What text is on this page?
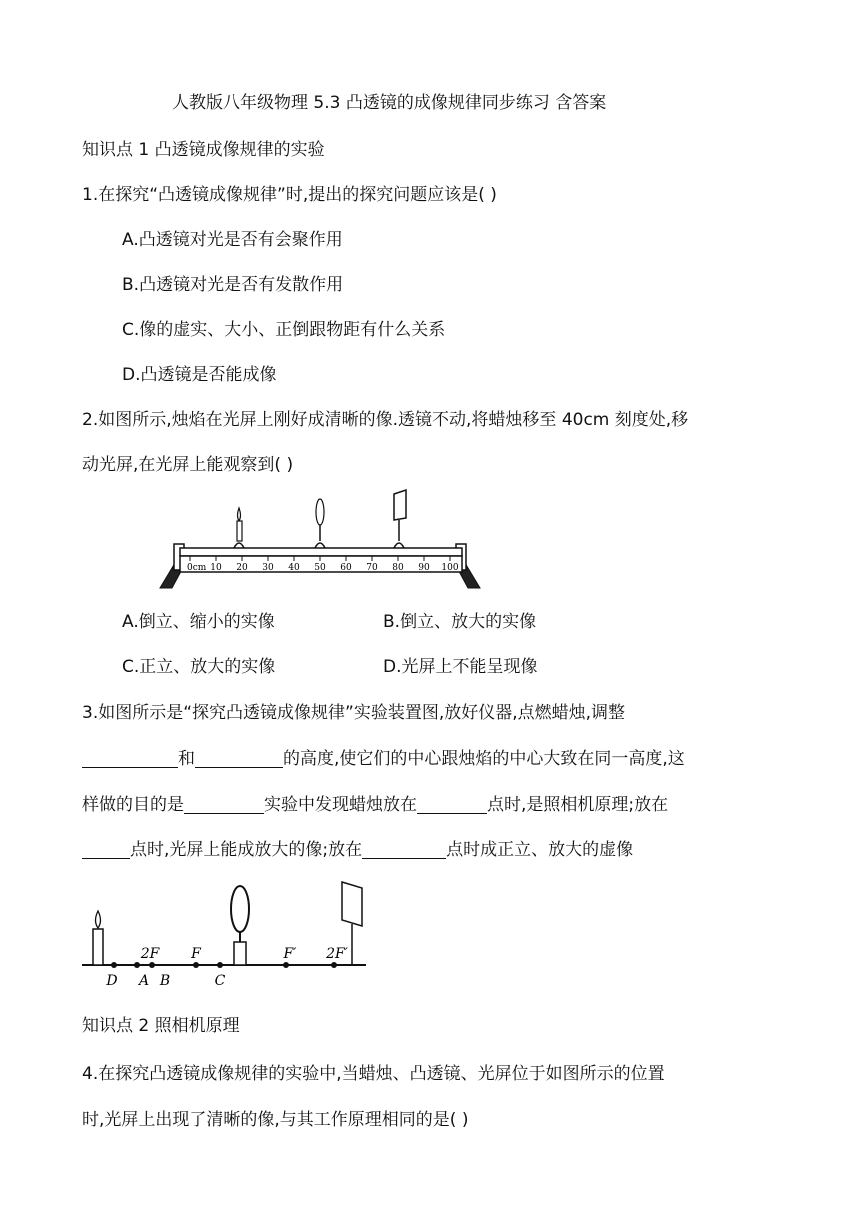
人教版八年级物理 5.3 凸透镜的成像规律同步练习 含答案
知识点 1 凸透镜成像规律的实验
1.在探究“凸透镜成像规律”时,提出的探究问题应该是( )
A.凸透镜对光是否有会聚作用
B.凸透镜对光是否有发散作用
C.像的虚实、大小、正倒跟物距有什么关系
D.凸透镜是否能成像
2.如图所示,烛焰在光屏上刚好成清晰的像.透镜不动,将蜡烛移至 40cm 刻度处,移
动光屏,在光屏上能观察到( )
0cm 10 20 30 40 50 60 70 80 90 100
A.倒立、缩小的实像	B.倒立、放大的实像
C.正立、放大的实像	D.光屏上不能呈现像
3.如图所示是“探究凸透镜成像规律”实验装置图,放好仪器,点燃蜡烛,调整
和	的高度,使它们的中心跟烛焰的中心大致在同一高度,这
样做的目的是	实验中发现蜡烛放在	点时,是照相机原理;放在
点时,光屏上能成放大的像;放在	点时成正立、放大的虚像
2F F	F′ 2F′
D A B	C
知识点 2 照相机原理
4.在探究凸透镜成像规律的实验中,当蜡烛、凸透镜、光屏位于如图所示的位置
时,光屏上出现了清晰的像,与其工作原理相同的是( )
